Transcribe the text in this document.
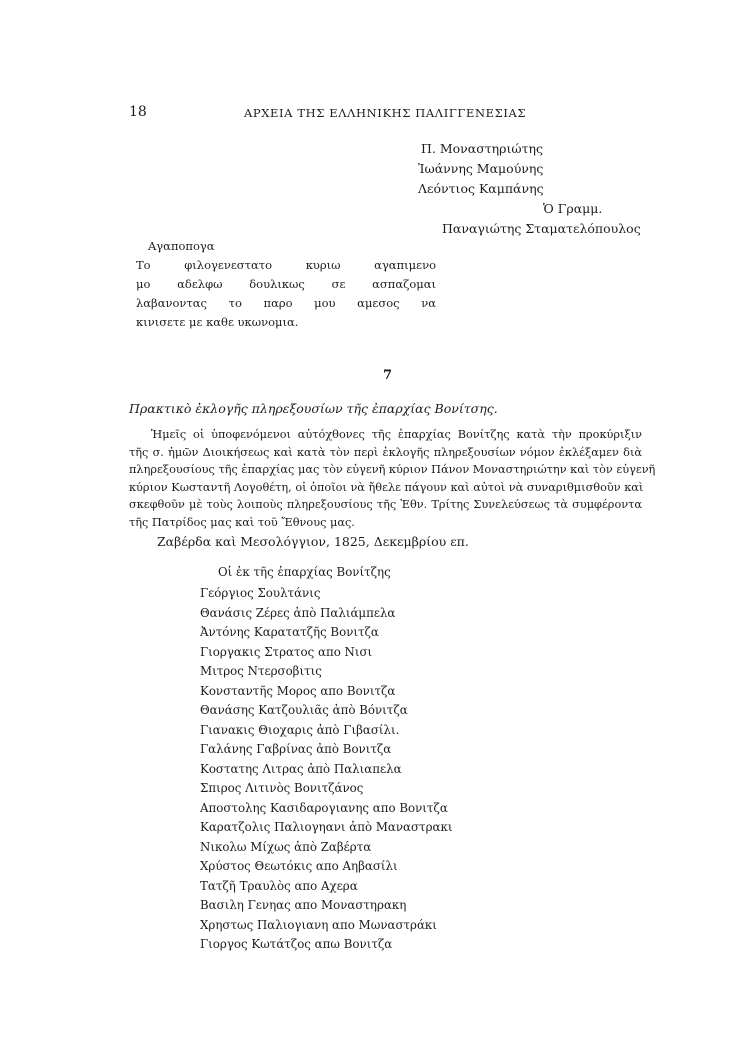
18	ΑΡΧΕΙΑ ΤΗΣ ΕΛΛΗΝΙΚΗΣ ΠΑΛΙΓΓΕΝΕΣΙΑΣ
Π. Μοναστηριώτης
Ἰωάννης Μαμούνης
Λεόντιος Καμπάνης
Ὁ Γραμμ.
Παναγιώτης Σταματελόπουλος
Αγαποπογα
Το φιλογενεστατο κυριω αγαπιμενο
μο αδελφω δουλικως σε ασπαζομαι
λαβανοντας το παρο μου αμεσος να
κινισετε με καθε υκωνομια.
7
Πρακτικὸ ἐκλογῆς πληρεξουσίων τῆς ἐπαρχίας Βονίτσης.
Ἡμεῖς οἱ ὑποφενόμενοι αὐτόχθονες τῆς ἐπαρχίας Βονίτζης κατὰ τὴν προκύριξιν
τῆς σ. ἡμῶν Διοικήσεως καὶ κατὰ τὸν περὶ ἐκλογῆς πληρεξουσίων νόμον ἐκλέξαμεν διὰ
πληρεξουσίους τῆς ἐπαρχίας μας τὸν εὐγενῆ κύριον Πάνον Μοναστηριώτην καὶ τὸν εὐγενῆ
κύριον Κωσταντῆ Λογοθέτη, οἱ ὁποῖοι νὰ ἤθελε πάγουν καὶ αὐτοὶ νὰ συναριθμισθοῦν καὶ
σκεφθοῦν μὲ τοὺς λοιποὺς πληρεξουσίους τῆς Ἐθν. Τρίτης Συνελεύσεως τὰ συμφέροντα
τῆς Πατρίδος μας καὶ τοῦ Ἔθνους μας.
Ζαβέρδα καὶ Μεσολόγγιον, 1825, Δεκεμβρίου επ.
Οἱ ἐκ τῆς ἐπαρχίας Βονίτζης
Γεόργιος Σουλτάνις
Θανάσις Ζέρες ἀπὸ Παλιάμπελα
Ἀντόνης Καρατατζῆς Βονιτζα
Γιοργακις Στρατος απο Νισι
Μιτρος Ντερσοβιτις
Κονσταντῆς Μορος απο Βονιτζα
Θανάσης Κατζουλιᾶς ἀπὸ Βόνιτζα
Γιανακις Θιοχαρις ἀπὸ Γιβασίλι.
Γαλάνης Γαβρίνας ἀπὸ Βονιτζα
Κοστατης Λιτρας ἀπὸ Παλιαπελα
Σπιρος Λιτινὸς Βονιτζάνος
Αποστολης Κασιδαρογιανης απο Βονιτζα
Καρατζολις Παλιογηανι ἀπὸ Μαναστρακι
Νικολω Μίχως ἀπὸ Ζαβέρτα
Χρύστος Θεωτόκις απο Αηβασίλι
Τατζῆ Τραυλὸς απο Αχερα
Βασιλη Γενηας απο Μοναστηρακη
Χρηστως Παλιογιανη απο Μωναστράκι
Γιοργος Κωτάτζος απω Βονιτζα
